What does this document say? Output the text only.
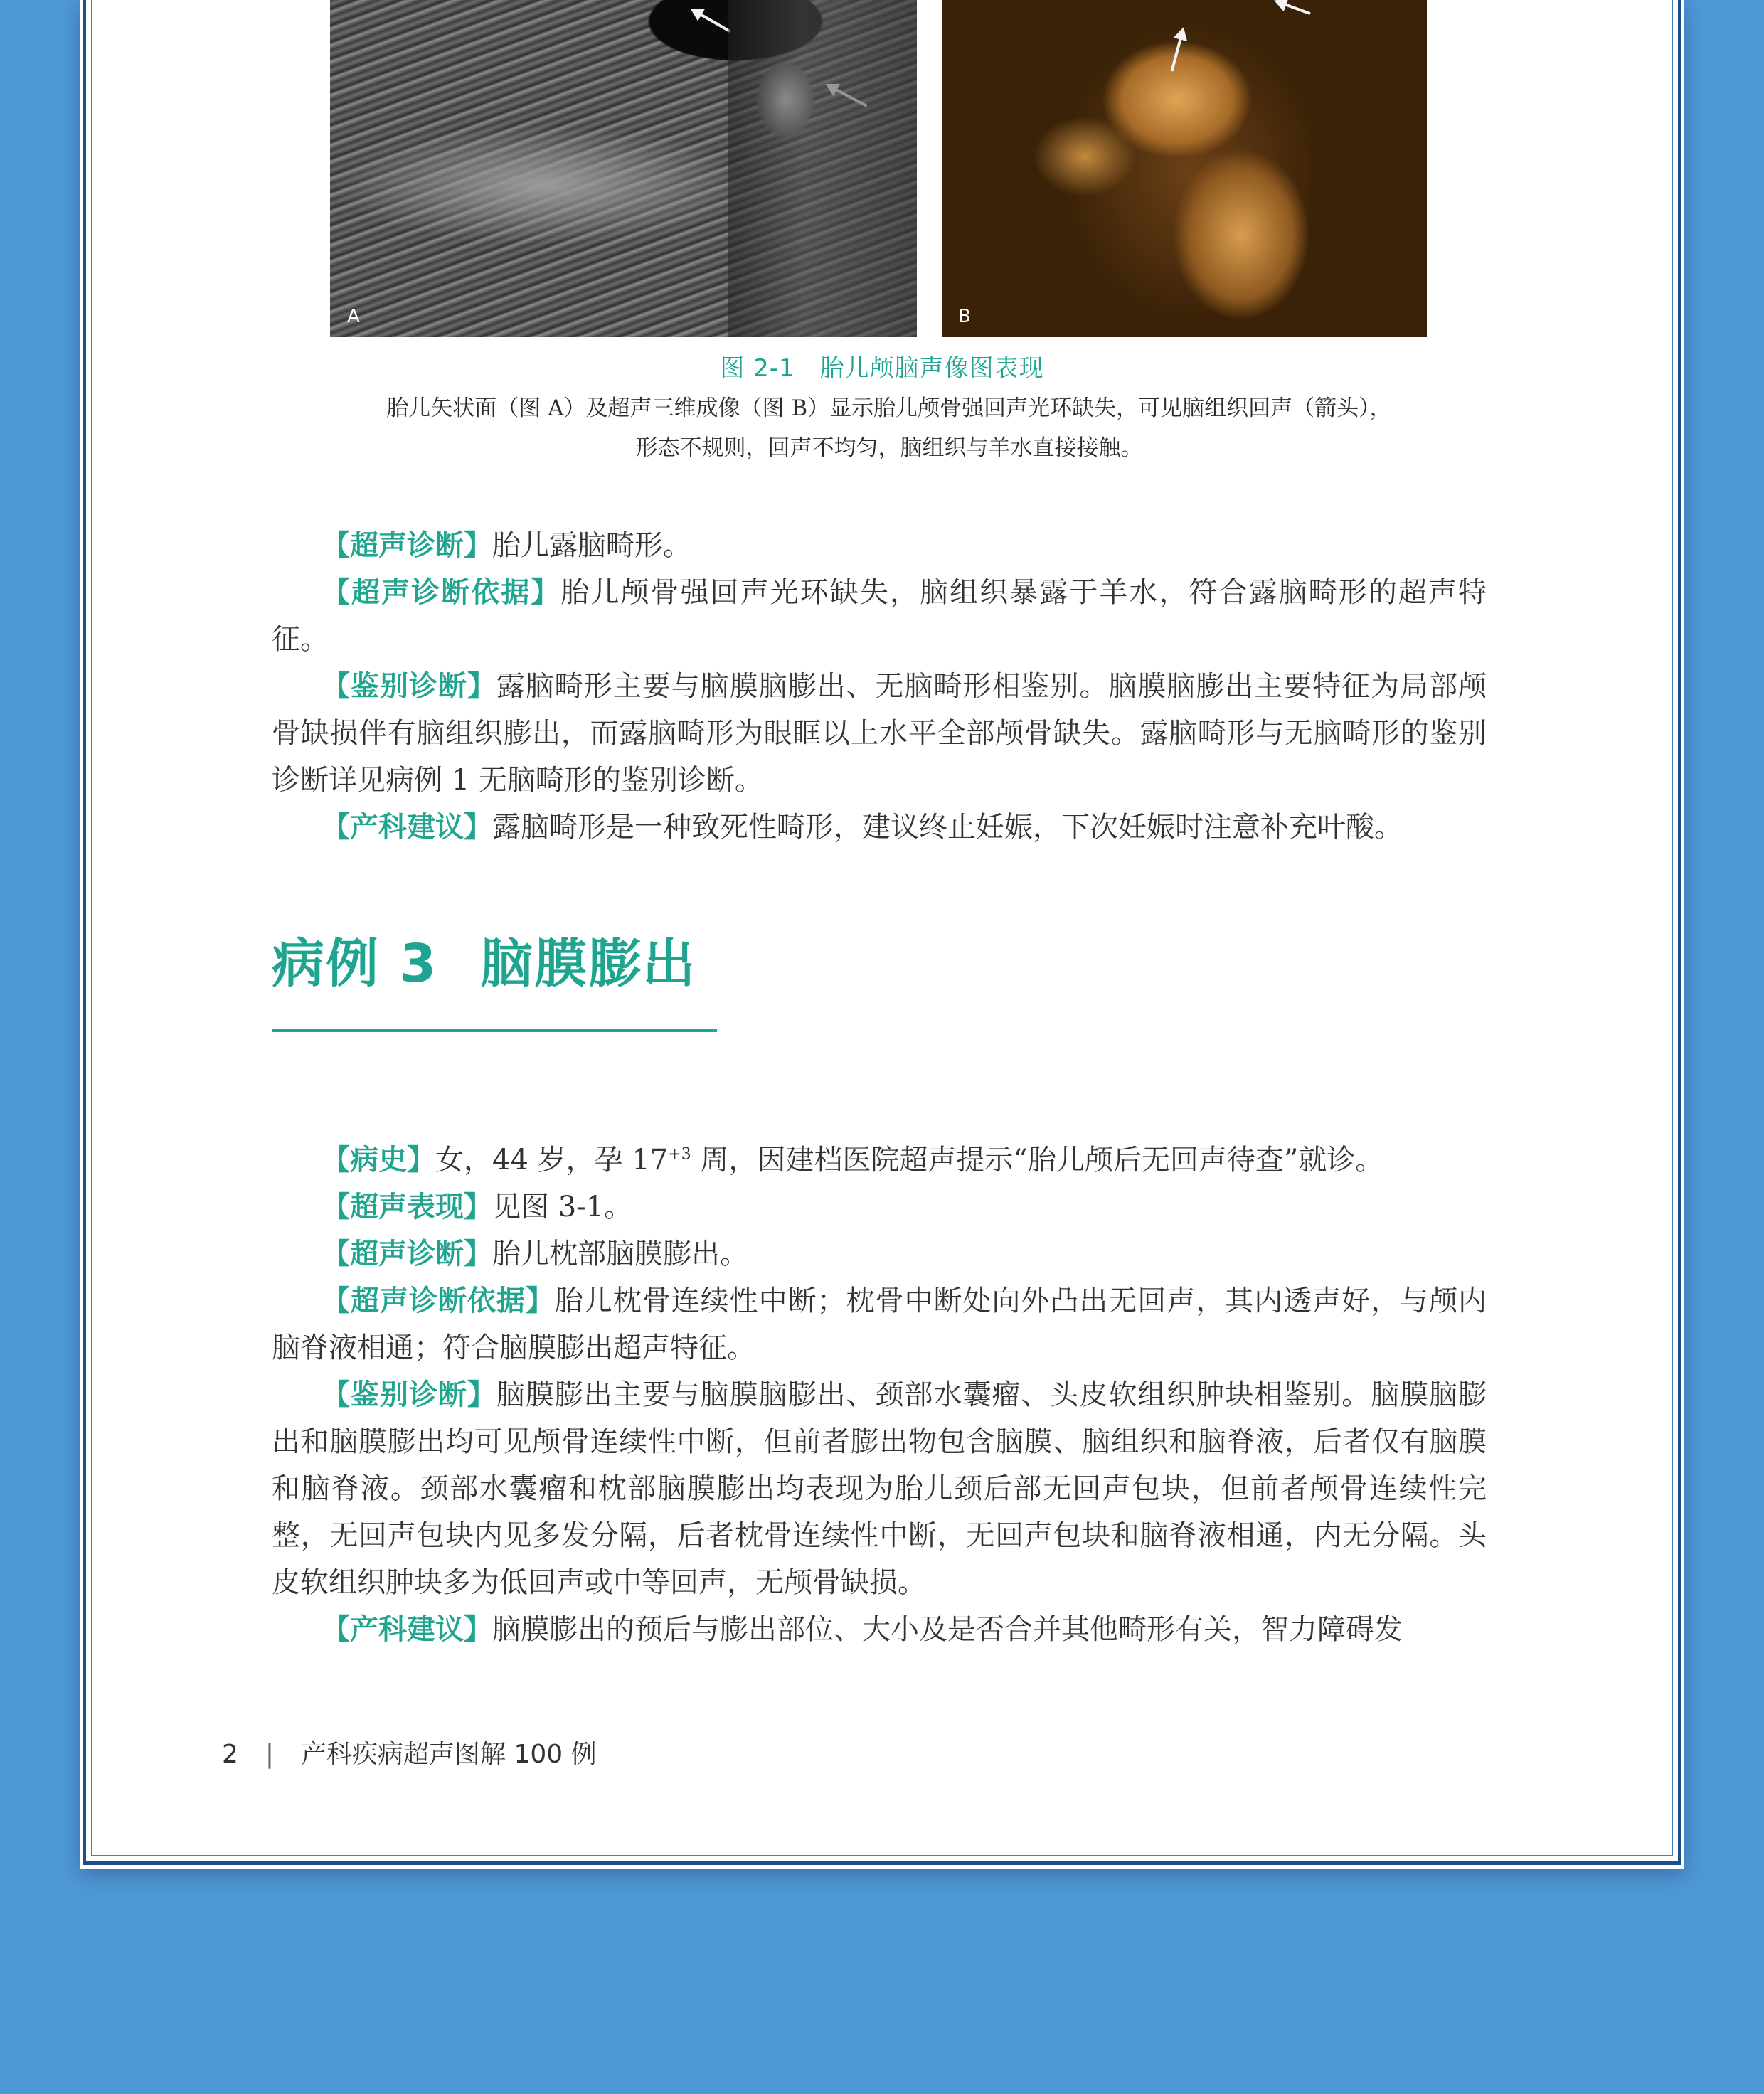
A	B
图 2-1　胎儿颅脑声像图表现
胎儿矢状面（图 A）及超声三维成像（图 B）显示胎儿颅骨强回声光环缺失，可见脑组织回声（箭头），
形态不规则，回声不均匀，脑组织与羊水直接接触。
【超声诊断】胎儿露脑畸形。
【超声诊断依据】胎儿颅骨强回声光环缺失，脑组织暴露于羊水，符合露脑畸形的超声特征。
【鉴别诊断】露脑畸形主要与脑膜脑膨出、无脑畸形相鉴别。脑膜脑膨出主要特征为局部颅骨缺损伴有脑组织膨出，而露脑畸形为眼眶以上水平全部颅骨缺失。露脑畸形与无脑畸形的鉴别诊断详见病例 1 无脑畸形的鉴别诊断。
【产科建议】露脑畸形是一种致死性畸形，建议终止妊娠，下次妊娠时注意补充叶酸。
病例 3 脑膜膨出
【病史】女，44 岁，孕 $17^{+3}$ 周，因建档医院超声提示“胎儿颅后无回声待查”就诊。
【超声表现】见图 3-1。
【超声诊断】胎儿枕部脑膜膨出。
【超声诊断依据】胎儿枕骨连续性中断；枕骨中断处向外凸出无回声，其内透声好，与颅内脑脊液相通；符合脑膜膨出超声特征。
【鉴别诊断】脑膜膨出主要与脑膜脑膨出、颈部水囊瘤、头皮软组织肿块相鉴别。脑膜脑膨出和脑膜膨出均可见颅骨连续性中断，但前者膨出物包含脑膜、脑组织和脑脊液，后者仅有脑膜和脑脊液。颈部水囊瘤和枕部脑膜膨出均表现为胎儿颈后部无回声包块，但前者颅骨连续性完整，无回声包块内见多发分隔，后者枕骨连续性中断，无回声包块和脑脊液相通，内无分隔。头皮软组织肿块多为低回声或中等回声，无颅骨缺损。
【产科建议】脑膜膨出的预后与膨出部位、大小及是否合并其他畸形有关，智力障碍发
2 | 产科疾病超声图解 100 例
